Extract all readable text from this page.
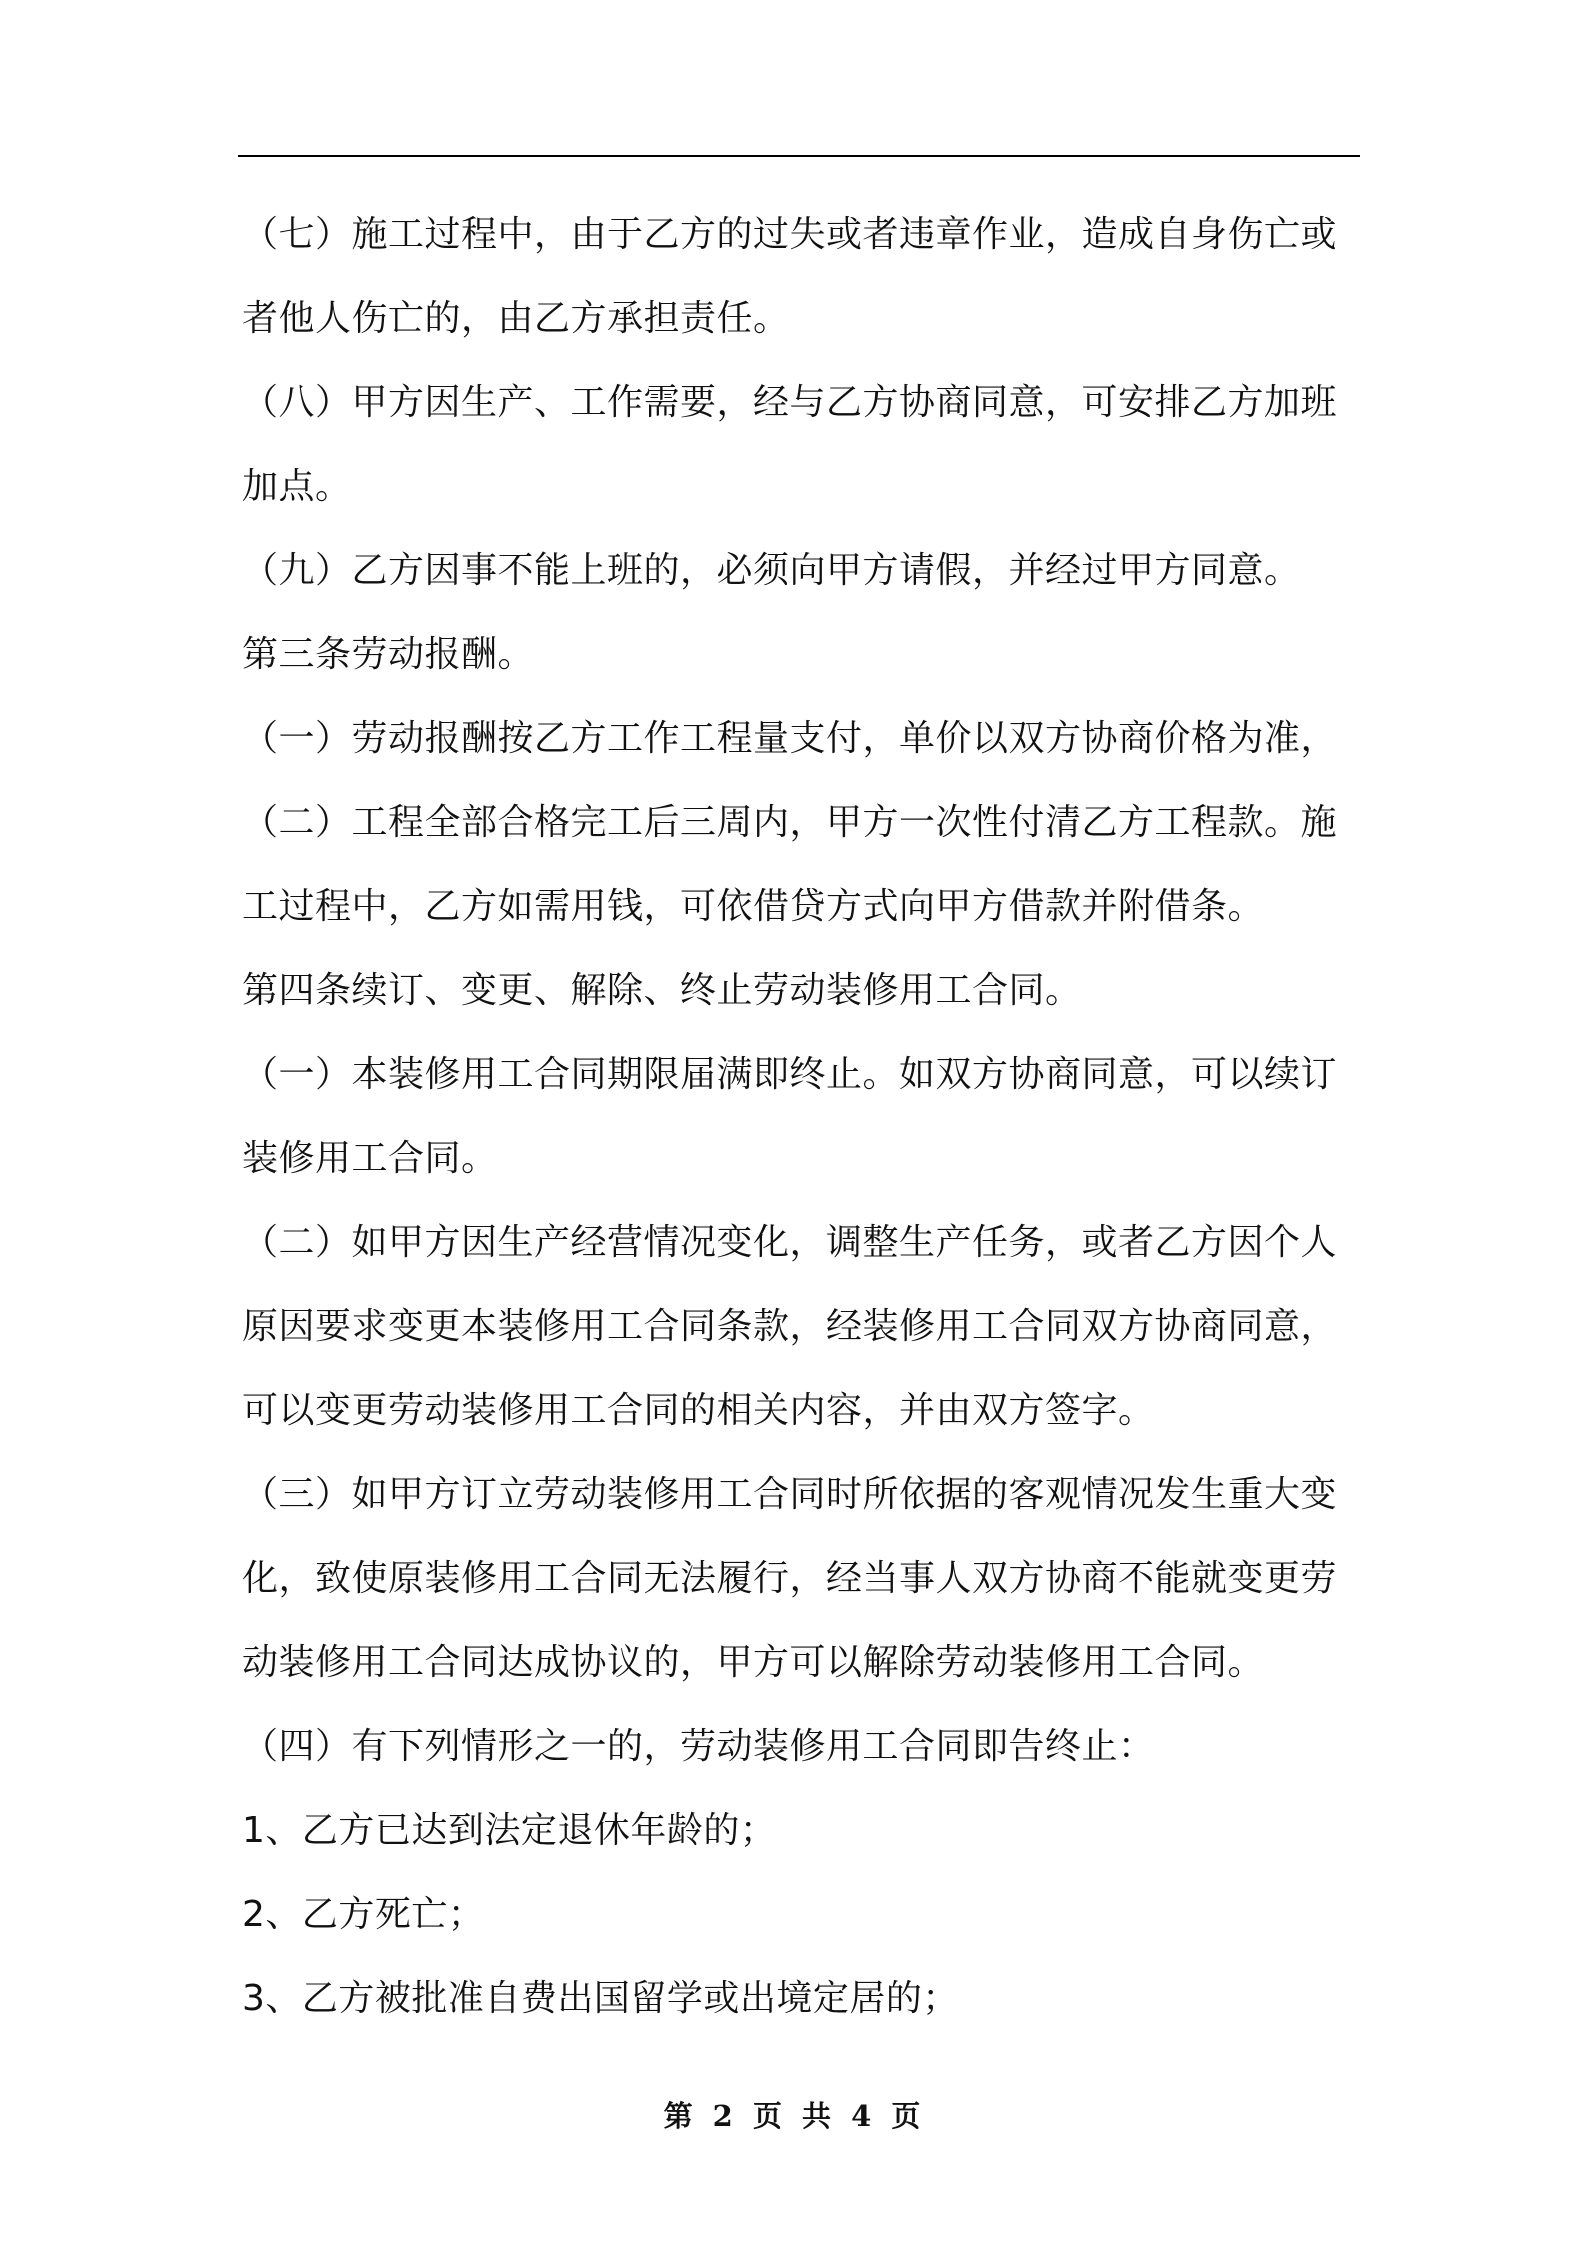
（七）施工过程中，由于乙方的过失或者违章作业，造成自身伤亡或
者他人伤亡的，由乙方承担责任。
（八）甲方因生产、工作需要，经与乙方协商同意，可安排乙方加班
加点。
（九）乙方因事不能上班的，必须向甲方请假，并经过甲方同意。
第三条劳动报酬。
（一）劳动报酬按乙方工作工程量支付，单价以双方协商价格为准，
（二）工程全部合格完工后三周内，甲方一次性付清乙方工程款。施
工过程中，乙方如需用钱，可依借贷方式向甲方借款并附借条。
第四条续订、变更、解除、终止劳动装修用工合同。
（一）本装修用工合同期限届满即终止。如双方协商同意，可以续订
装修用工合同。
（二）如甲方因生产经营情况变化，调整生产任务，或者乙方因个人
原因要求变更本装修用工合同条款，经装修用工合同双方协商同意，
可以变更劳动装修用工合同的相关内容，并由双方签字。
（三）如甲方订立劳动装修用工合同时所依据的客观情况发生重大变
化，致使原装修用工合同无法履行，经当事人双方协商不能就变更劳
动装修用工合同达成协议的，甲方可以解除劳动装修用工合同。
（四）有下列情形之一的，劳动装修用工合同即告终止：
1、乙方已达到法定退休年龄的；
2、乙方死亡；
3、乙方被批准自费出国留学或出境定居的；
第 2 页 共 4 页
